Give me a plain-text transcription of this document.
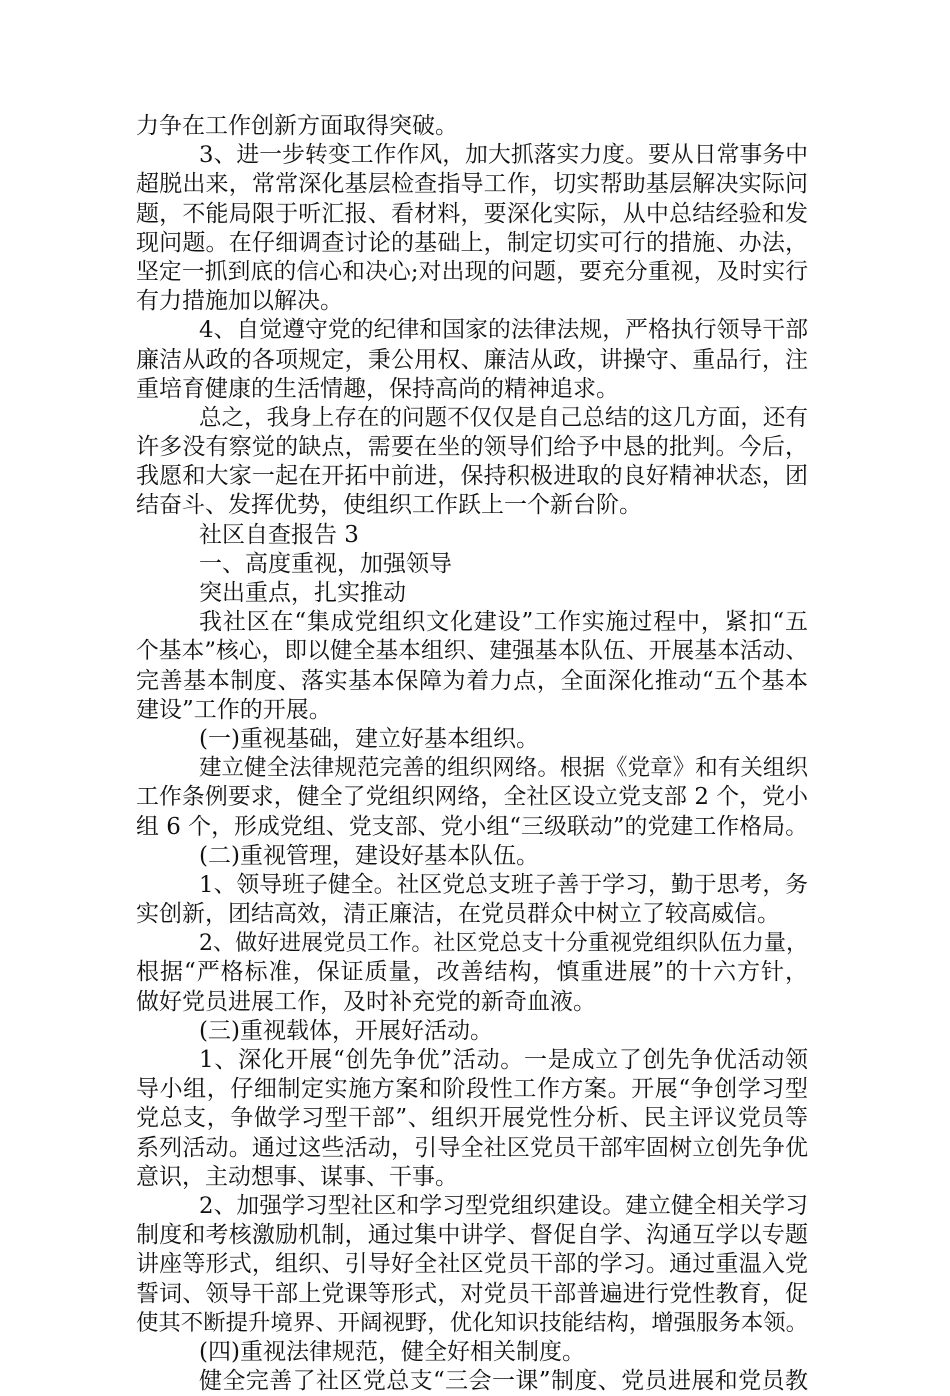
力争在工作创新方面取得突破。
3、进一步转变工作作风，加大抓落实力度。要从日常事务中
超脱出来，常常深化基层检查指导工作，切实帮助基层解决实际问
题，不能局限于听汇报、看材料，要深化实际，从中总结经验和发
现问题。在仔细调查讨论的基础上，制定切实可行的措施、办法，
坚定一抓到底的信心和决心;对出现的问题，要充分重视，及时实行
有力措施加以解决。
4、自觉遵守党的纪律和国家的法律法规，严格执行领导干部
廉洁从政的各项规定，秉公用权、廉洁从政，讲操守、重品行，注
重培育健康的生活情趣，保持高尚的精神追求。
总之，我身上存在的问题不仅仅是自己总结的这几方面，还有
许多没有察觉的缺点，需要在坐的领导们给予中恳的批判。今后，
我愿和大家一起在开拓中前进，保持积极进取的良好精神状态，团
结奋斗、发挥优势，使组织工作跃上一个新台阶。
社区自查报告 3
一、高度重视，加强领导
突出重点，扎实推动
我社区在“集成党组织文化建设”工作实施过程中，紧扣“五
个基本”核心，即以健全基本组织、建强基本队伍、开展基本活动、
完善基本制度、落实基本保障为着力点，全面深化推动“五个基本
建设”工作的开展。
(一)重视基础，建立好基本组织。
建立健全法律规范完善的组织网络。根据《党章》和有关组织
工作条例要求，健全了党组织网络，全社区设立党支部 2 个，党小
组 6 个，形成党组、党支部、党小组“三级联动”的党建工作格局。
(二)重视管理，建设好基本队伍。
1、领导班子健全。社区党总支班子善于学习，勤于思考，务
实创新，团结高效，清正廉洁，在党员群众中树立了较高威信。
2、做好进展党员工作。社区党总支十分重视党组织队伍力量，
根据“严格标准，保证质量，改善结构，慎重进展”的十六方针，
做好党员进展工作，及时补充党的新奇血液。
(三)重视载体，开展好活动。
1、深化开展“创先争优”活动。一是成立了创先争优活动领
导小组，仔细制定实施方案和阶段性工作方案。开展“争创学习型
党总支，争做学习型干部”、组织开展党性分析、民主评议党员等
系列活动。通过这些活动，引导全社区党员干部牢固树立创先争优
意识，主动想事、谋事、干事。
2、加强学习型社区和学习型党组织建设。建立健全相关学习
制度和考核激励机制，通过集中讲学、督促自学、沟通互学以专题
讲座等形式，组织、引导好全社区党员干部的学习。通过重温入党
誓词、领导干部上党课等形式，对党员干部普遍进行党性教育，促
使其不断提升境界、开阔视野，优化知识技能结构，增强服务本领。
(四)重视法律规范，健全好相关制度。
健全完善了社区党总支“三会一课”制度、党员进展和党员教
